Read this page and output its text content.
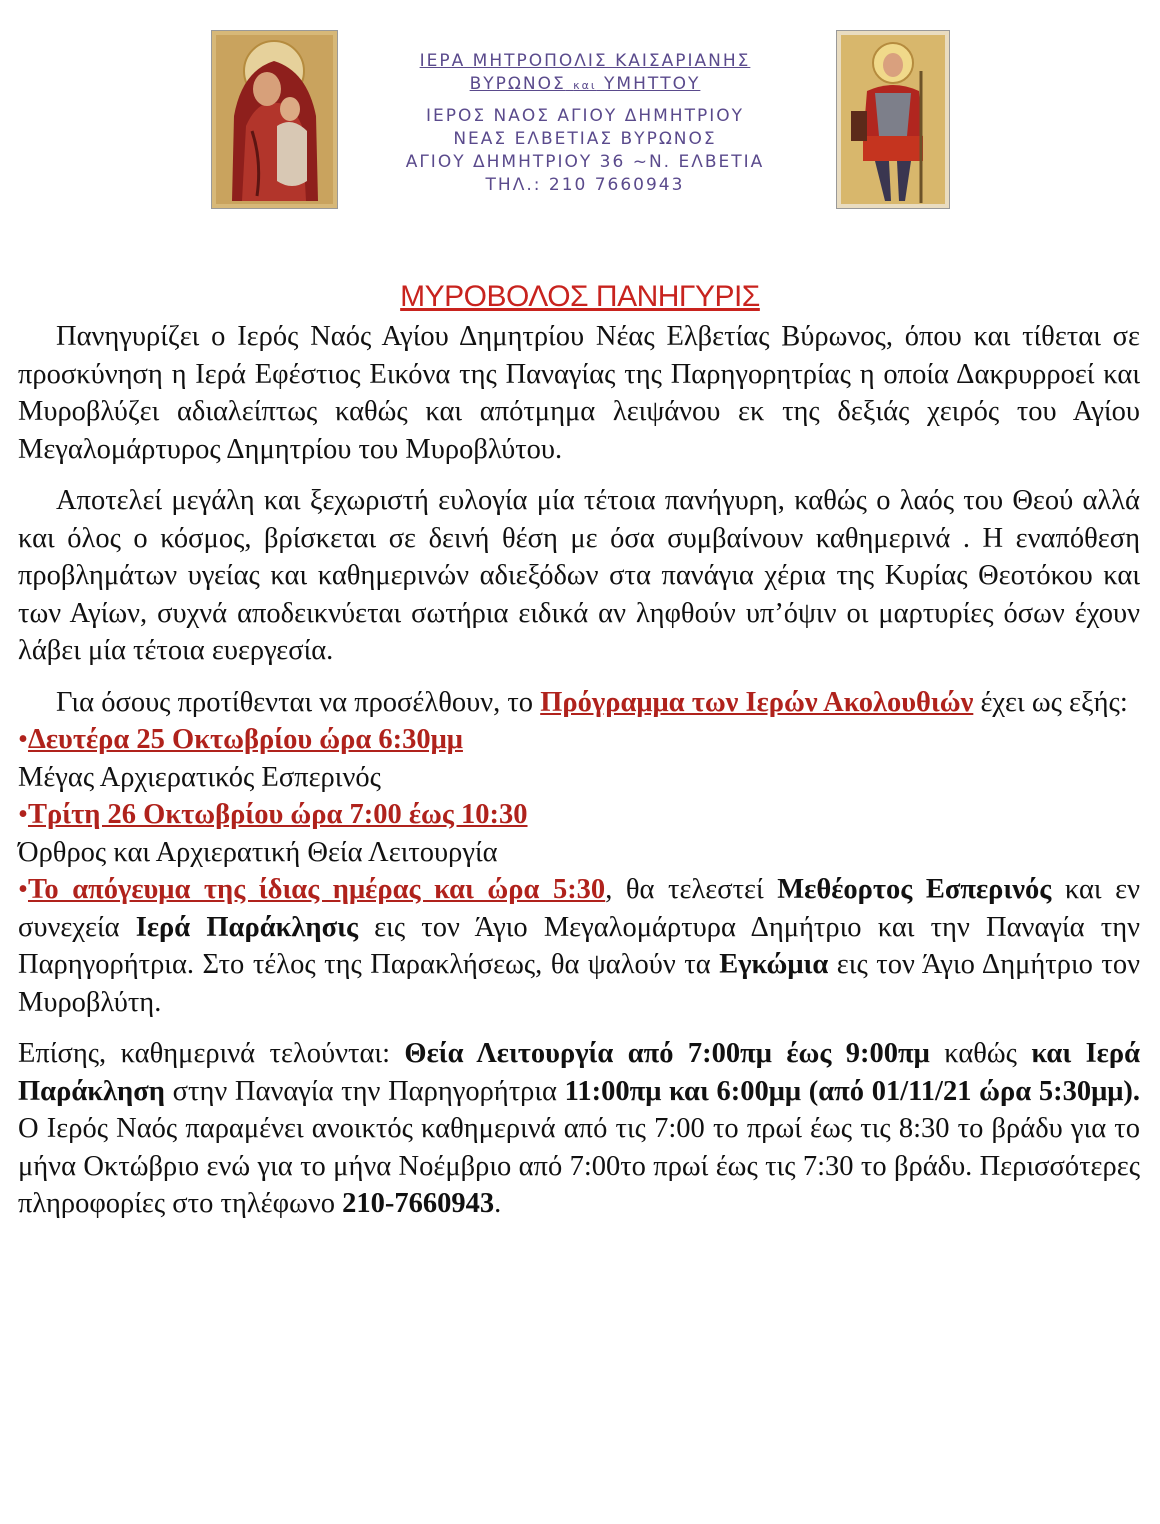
ΙΕΡΑ ΜΗΤΡΟΠΟΛΙΣ ΚΑΙΣΑΡΙΑΝΗΣ
ΒΥΡΩΝΟΣ και ΥΜΗΤΤΟΥ
ΙΕΡΟΣ ΝΑΟΣ ΑΓΙΟΥ ΔΗΜΗΤΡΙΟΥ
ΝΕΑΣ ΕΛΒΕΤΙΑΣ ΒΥΡΩΝΟΣ
ΑΓΙΟΥ ΔΗΜΗΤΡΙΟΥ 36 ~Ν. ΕΛΒΕΤΙΑ
ΤΗΛ.: 210 7660943
ΜΥΡΟΒΟΛΟΣ ΠΑΝΗΓΥΡΙΣ

Πανηγυρίζει ο Ιερός Ναός Αγίου Δημητρίου Νέας Ελβετίας Βύρωνος, όπου και τίθεται σε προσκύνηση η Ιερά Εφέστιος Εικόνα της Παναγίας της Παρηγορητρίας η οποία Δακρυρροεί και Μυροβλύζει αδιαλείπτως καθώς και απότμημα λειψάνου εκ της δεξιάς χειρός του Αγίου Μεγαλομάρτυρος Δημητρίου του Μυροβλύτου.

Αποτελεί μεγάλη και ξεχωριστή ευλογία μία τέτοια πανήγυρη, καθώς ο λαός του Θεού αλλά και όλος ο κόσμος, βρίσκεται σε δεινή θέση με όσα συμβαίνουν καθημερινά . Η εναπόθεση προβλημάτων υγείας και καθημερινών αδιεξόδων στα πανάγια χέρια της Κυρίας Θεοτόκου και των Αγίων, συχνά αποδεικνύεται σωτήρια ειδικά αν ληφθούν υπ’όψιν οι μαρτυρίες όσων έχουν λάβει μία τέτοια ευεργεσία.

Για όσους προτίθενται να προσέλθουν, το Πρόγραμμα των Ιερών Ακολουθιών έχει ως εξής:

•Δευτέρα 25 Οκτωβρίου ώρα 6:30μμ
Μέγας Αρχιερατικός Εσπερινός
•Τρίτη 26 Οκτωβρίου ώρα 7:00 έως 10:30
Όρθρος και Αρχιερατική Θεία Λειτουργία

•Το απόγευμα της ίδιας ημέρας και ώρα 5:30, θα τελεστεί Μεθέορτος Εσπερινός και εν συνεχεία Ιερά Παράκλησις εις τον Άγιο Μεγαλομάρτυρα Δημήτριο και την Παναγία την Παρηγορήτρια. Στο τέλος της Παρακλήσεως, θα ψαλούν τα Εγκώμια εις τον Άγιο Δημήτριο τον Μυροβλύτη.

Επίσης, καθημερινά τελούνται: Θεία Λειτουργία από 7:00πμ έως 9:00πμ καθώς και Ιερά Παράκληση στην Παναγία την Παρηγορήτρια 11:00πμ και 6:00μμ (από 01/11/21 ώρα 5:30μμ). Ο Ιερός Ναός παραμένει ανοικτός καθημερινά από τις 7:00 το πρωί έως τις 8:30 το βράδυ για το μήνα Οκτώβριο ενώ για το μήνα Νοέμβριο από 7:00το πρωί έως τις 7:30 το βράδυ. Περισσότερες πληροφορίες στο τηλέφωνο 210-7660943.
